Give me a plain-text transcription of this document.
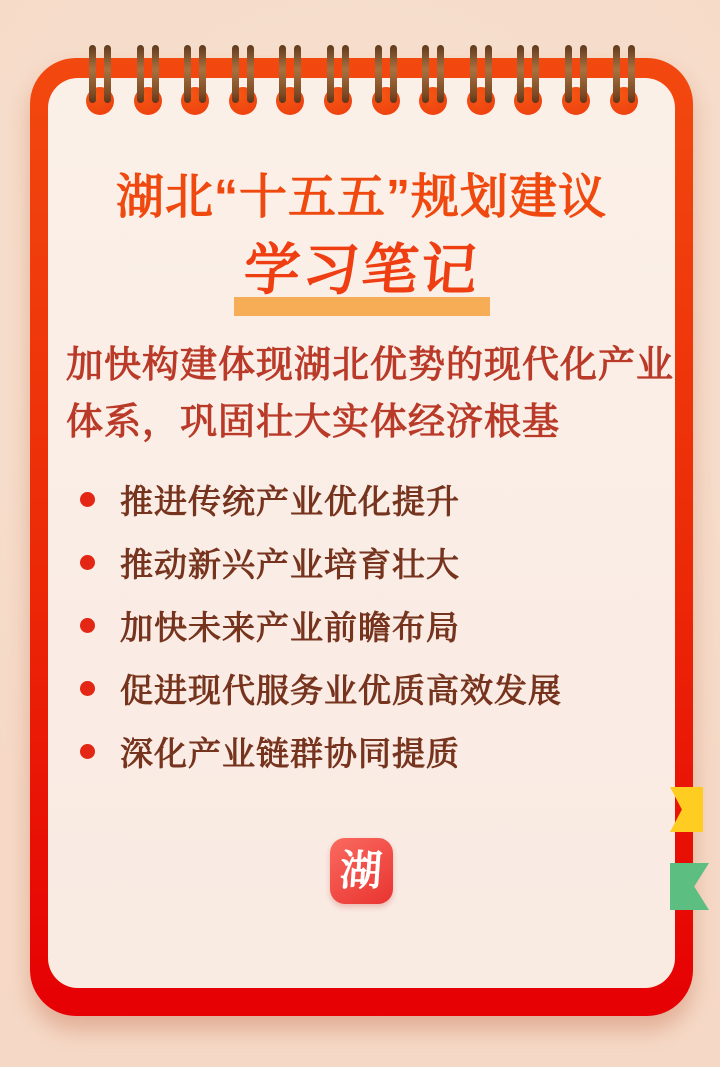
湖北“十五五”规划建议
学习笔记
加快构建体现湖北优势的现代化产业体系，巩固壮大实体经济根基
推进传统产业优化提升
推动新兴产业培育壮大
加快未来产业前瞻布局
促进现代服务业优质高效发展
深化产业链群协同提质
湖
